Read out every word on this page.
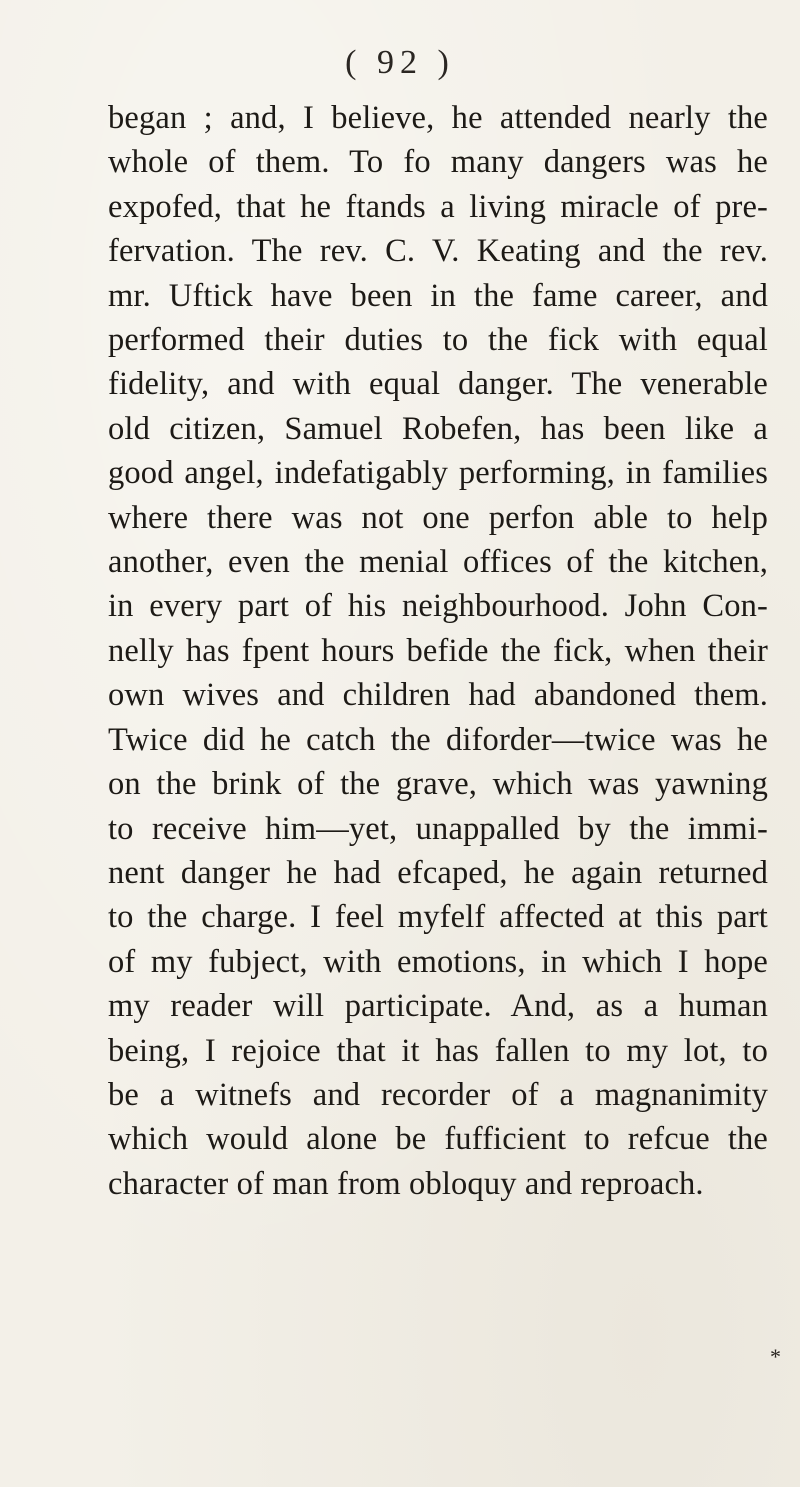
( 92 )
began ; and, I believe, he attended nearly the
whole of them. To fo many dangers was he
expofed, that he ftands a living miracle of pre-
fervation. The rev. C. V. Keating and the rev.
mr. Uftick have been in the fame career, and
performed their duties to the fick with equal
fidelity, and with equal danger. The venerable
old citizen, Samuel Robefen, has been like a
good angel, indefatigably performing, in families
where there was not one perfon able to help
another, even the menial offices of the kitchen,
in every part of his neighbourhood. John Con-
nelly has fpent hours befide the fick, when their
own wives and children had abandoned them.
Twice did he catch the diforder—twice was he
on the brink of the grave, which was yawning
to receive him—yet, unappalled by the immi-
nent danger he had efcaped, he again returned
to the charge. I feel myfelf affected at this part
of my fubject, with emotions, in which I hope
my reader will participate. And, as a human
being, I rejoice that it has fallen to my lot, to
be a witnefs and recorder of a magnanimity
which would alone be fufficient to refcue the
character of man from obloquy and reproach.
*
